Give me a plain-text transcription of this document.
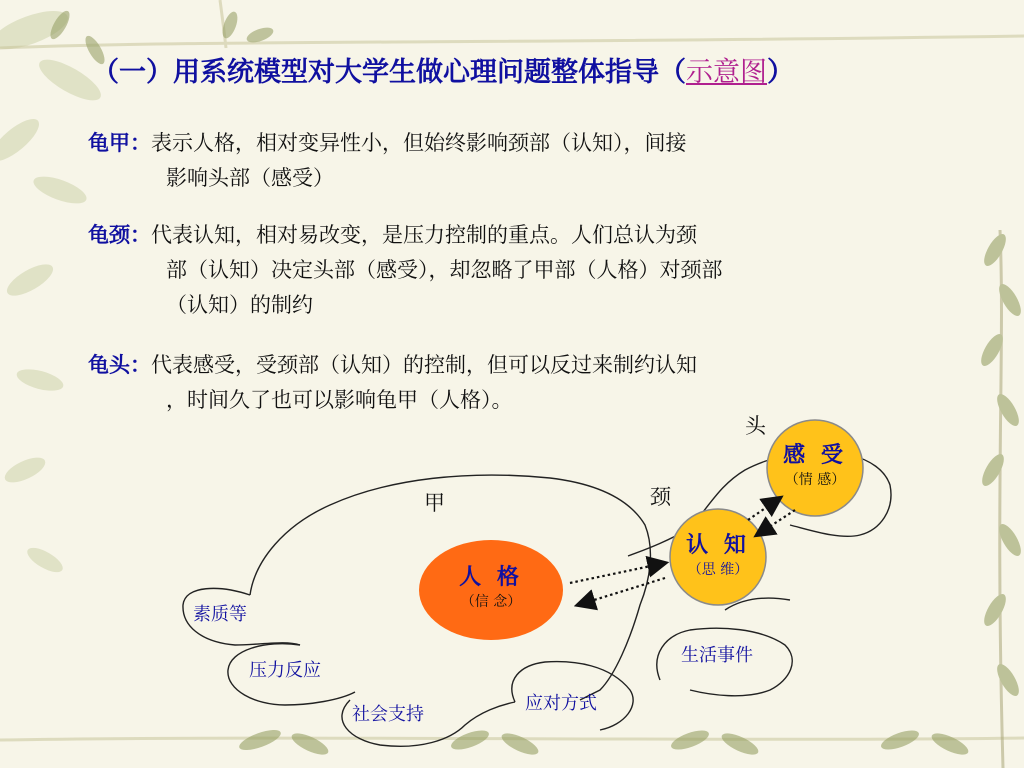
（一）用系统模型对大学生做心理问题整体指导（示意图）
龟甲：表示人格，相对变异性小，但始终影响颈部（认知），间接
影响头部（感受）
龟颈：代表认知，相对易改变，是压力控制的重点。人们总认为颈
部（认知）决定头部（感受），却忽略了甲部（人格）对颈部
（认知）的制约
龟头：代表感受，受颈部（认知）的控制，但可以反过来制约认知
，时间久了也可以影响龟甲（人格）。
头
颈
甲
人 格
（信 念）
认 知
（思 维）
感 受
（情 感）
素质等
压力反应
社会支持
应对方式
生活事件
